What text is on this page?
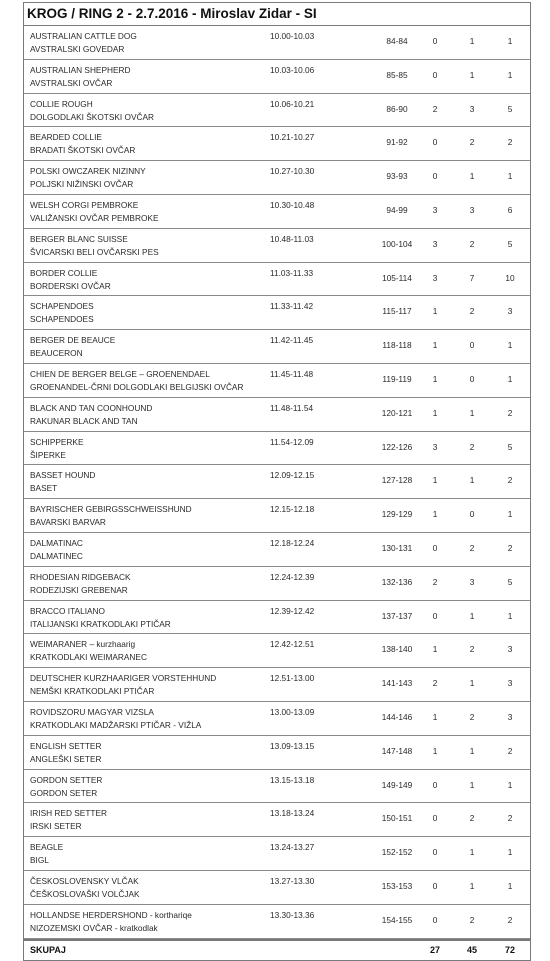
KROG / RING 2 - 2.7.2016 - Miroslav Zidar - SI
AUSTRALIAN CATTLE DOG
AVSTRALSKI GOVEDAR
10.00-10.03	84-84	0	1	1
AUSTRALIAN SHEPHERD
AVSTRALSKI OVČAR
10.03-10.06	85-85	0	1	1
COLLIE ROUGH
DOLGODLAKI ŠKOTSKI OVČAR
10.06-10.21	86-90	2	3	5
BEARDED COLLIE
BRADATI ŠKOTSKI OVČAR
10.21-10.27	91-92	0	2	2
POLSKI OWCZAREK NIZINNY
POLJSKI NIŽINSKI OVČAR
10.27-10.30	93-93	0	1	1
WELSH CORGI PEMBROKE
VALIŽANSKI OVČAR PEMBROKE
10.30-10.48	94-99	3	3	6
BERGER BLANC SUISSE
ŠVICARSKI BELI OVČARSKI PES
10.48-11.03	100-104	3	2	5
BORDER COLLIE
BORDERSKI OVČAR
11.03-11.33	105-114	3	7	10
SCHAPENDOES
SCHAPENDOES
11.33-11.42	115-117	1	2	3
BERGER DE BEAUCE
BEAUCERON
11.42-11.45	118-118	1	0	1
CHIEN DE BERGER BELGE – GROENENDAEL
GROENANDEL-ČRNI DOLGODLAKI BELGIJSKI OVČAR
11.45-11.48	119-119	1	0	1
BLACK AND TAN COONHOUND
RAKUNAR BLACK AND TAN
11.48-11.54	120-121	1	1	2
SCHIPPERKE
ŠIPERKE
11.54-12.09	122-126	3	2	5
BASSET HOUND
BASET
12.09-12.15	127-128	1	1	2
BAYRISCHER GEBIRGSSCHWEISSHUND
BAVARSKI BARVAR
12.15-12.18	129-129	1	0	1
DALMATINAC
DALMATINEC
12.18-12.24	130-131	0	2	2
RHODESIAN RIDGEBACK
RODEZIJSKI GREBENAR
12.24-12.39	132-136	2	3	5
BRACCO ITALIANO
ITALIJANSKI KRATKODLAKI PTIČAR
12.39-12.42	137-137	0	1	1
WEIMARANER – kurzhaarig
KRATKODLAKI WEIMARANEC
12.42-12.51	138-140	1	2	3
DEUTSCHER KURZHAARIGER VORSTEHHUND
NEMŠKI KRATKODLAKI PTIČAR
12.51-13.00	141-143	2	1	3
ROVIDSZORU MAGYAR VIZSLA
KRATKODLAKI MADŽARSKI PTIČAR - VIŽLA
13.00-13.09	144-146	1	2	3
ENGLISH SETTER
ANGLEŠKI SETER
13.09-13.15	147-148	1	1	2
GORDON SETTER
GORDON SETER
13.15-13.18	149-149	0	1	1
IRISH RED SETTER
IRSKI SETER
13.18-13.24	150-151	0	2	2
BEAGLE
BIGL
13.24-13.27	152-152	0	1	1
ČESKOSLOVENSKY VLČAK
ČEŠKOSLOVAŠKI VOLČJAK
13.27-13.30	153-153	0	1	1
HOLLANDSE HERDERSHOND - korthariqe
NIZOZEMSKI OVČAR - kratkodlak
13.30-13.36	154-155	0	2	2
SKUPAJ	27	45	72
